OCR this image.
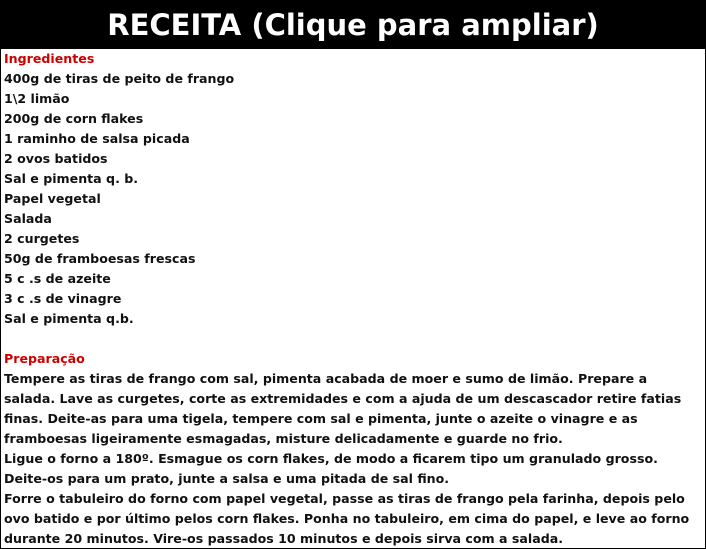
RECEITA (Clique para ampliar)
Ingredientes
400g de tiras de peito de frango
1\2 limão
200g de corn flakes
1 raminho de salsa picada
2 ovos batidos
Sal e pimenta q. b.
Papel vegetal
Salada
2 curgetes
50g de framboesas frescas
5 c .s de azeite
3 c .s de vinagre
Sal e pimenta q.b.
Preparação
Tempere as tiras de frango com sal, pimenta acabada de moer e sumo de limão. Prepare a salada. Lave as curgetes, corte as extremidades e com a ajuda de um descascador retire fatias finas. Deite-as para uma tigela, tempere com sal e pimenta, junte o azeite o vinagre e as framboesas ligeiramente esmagadas, misture delicadamente e guarde no frio.
Ligue o forno a 180º. Esmague os corn flakes, de modo a ficarem tipo um granulado grosso. Deite-os para um prato, junte a salsa e uma pitada de sal fino.
Forre o tabuleiro do forno com papel vegetal, passe as tiras de frango pela farinha, depois pelo ovo batido e por último pelos corn flakes. Ponha no tabuleiro, em cima do papel, e leve ao forno durante 20 minutos. Vire-os passados 10 minutos e depois sirva com a salada.
